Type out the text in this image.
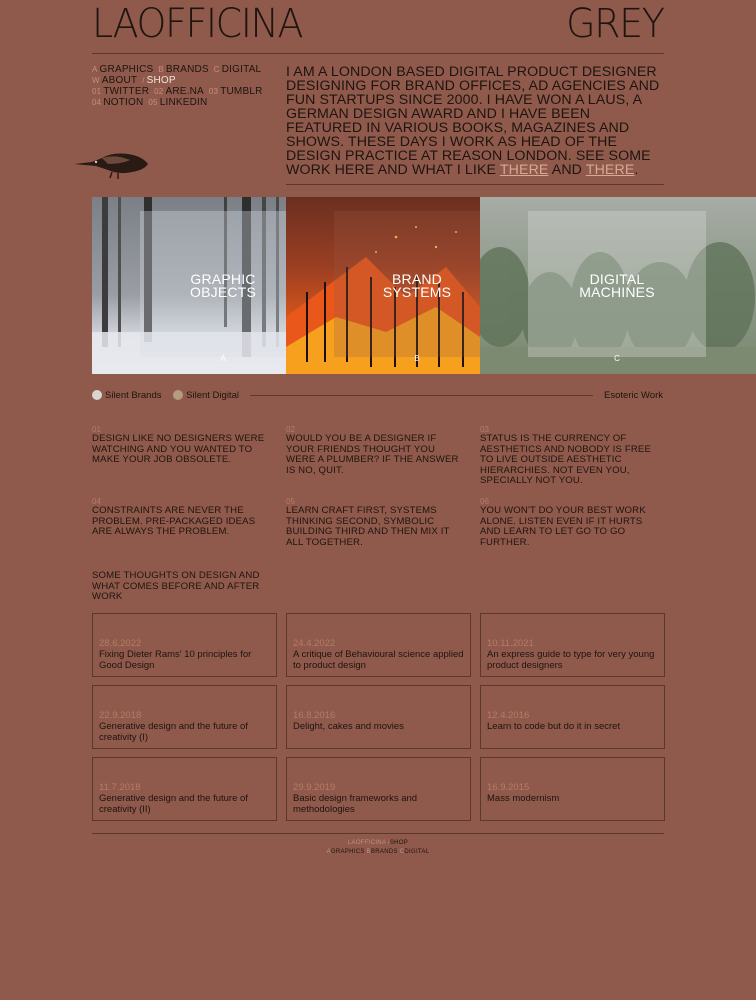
LAOFFICINA	GREY
A GRAPHICS B BRANDS C DIGITAL
W ABOUT / SHOP
01 TWITTER 02 ARE.NA 03 TUMBLR
04 NOTION 05 LINKEDIN
I AM A LONDON BASED DIGITAL PRODUCT DESIGNER DESIGNING FOR BRAND OFFICES, AD AGENCIES AND FUN STARTUPS SINCE 2000. I HAVE WON A LAUS, A GERMAN DESIGN AWARD AND I HAVE BEEN FEATURED IN VARIOUS BOOKS, MAGAZINES AND SHOWS. THESE DAYS I WORK AS HEAD OF THE DESIGN PRACTICE AT REASON LONDON. SEE SOME WORK HERE AND WHAT I LIKE THERE AND THERE.
GRAPHIC
OBJECTS
A
BRAND
SYSTEMS
B
DIGITAL
MACHINES
C
Silent Brands	Silent Digital	Esoteric Work
01
DESIGN LIKE NO DESIGNERS WERE WATCHING AND YOU WANTED TO MAKE YOUR JOB OBSOLETE.
02
WOULD YOU BE A DESIGNER IF YOUR FRIENDS THOUGHT YOU WERE A PLUMBER? IF THE ANSWER IS NO, QUIT.
03
STATUS IS THE CURRENCY OF AESTHETICS AND NOBODY IS FREE TO LIVE OUTSIDE AESTHETIC HIERARCHIES. NOT EVEN YOU, SPECIALLY NOT YOU.
04
CONSTRAINTS ARE NEVER THE PROBLEM. PRE-PACKAGED IDEAS ARE ALWAYS THE PROBLEM.
05
LEARN CRAFT FIRST, SYSTEMS THINKING SECOND, SYMBOLIC BUILDING THIRD AND THEN MIX IT ALL TOGETHER.
06
YOU WON'T DO YOUR BEST WORK ALONE. LISTEN EVEN IF IT HURTS AND LEARN TO LET GO TO GO FURTHER.
SOME THOUGHTS ON DESIGN AND WHAT COMES BEFORE AND AFTER WORK
28.6.2022
Fixing Dieter Rams' 10 principles for Good Design
24.4.2022
A critique of Behavioural science applied to product design
10.11.2021
An express guide to type for very young product designers
22.9.2018
Generative design and the future of creativity (I)
16.8.2016
Delight, cakes and movies
12.4.2016
Learn to code but do it in secret
11.7.2018
Generative design and the future of creativity (II)
29.9.2019
Basic design frameworks and methodologies
16.9.2015
Mass modernism
LAOFFICINA /SHOP
AGRAPHICS BBRANDS CDIGITAL
